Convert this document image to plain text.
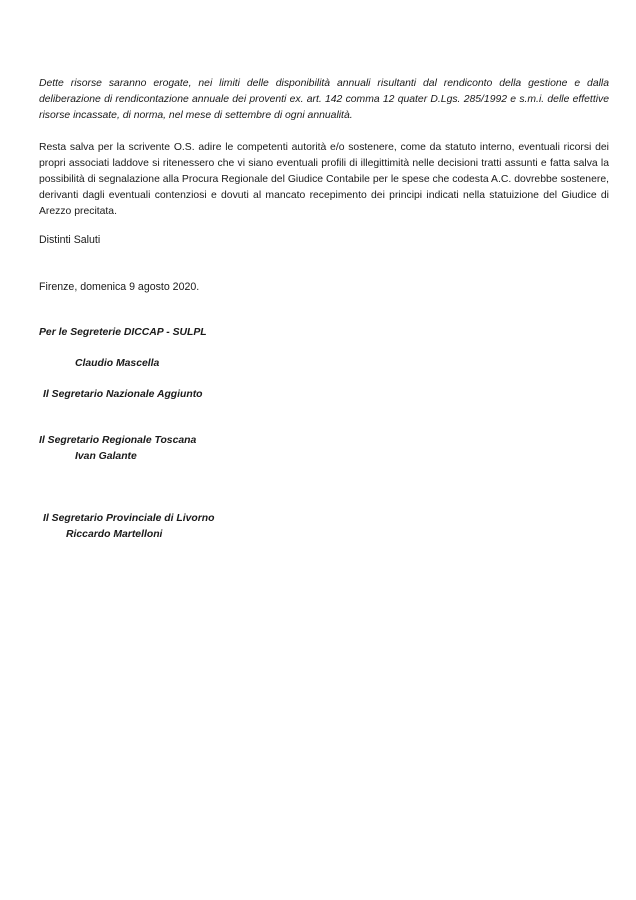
Dette risorse saranno erogate, nei limiti delle disponibilità annuali risultanti dal rendiconto della gestione e dalla deliberazione di rendicontazione annuale dei proventi ex. art. 142 comma 12 quater D.Lgs. 285/1992 e s.m.i. delle effettive risorse incassate, di norma, nel mese di settembre di ogni annualità.

Resta salva per la scrivente O.S. adire le competenti autorità e/o sostenere, come da statuto interno, eventuali ricorsi dei propri associati laddove si ritenessero che vi siano eventuali profili di illegittimità nelle decisioni tratti assunti e fatta salva la possibilità di segnalazione alla Procura Regionale del Giudice Contabile per le spese che codesta A.C. dovrebbe sostenere, derivanti dagli eventuali contenziosi e dovuti al mancato recepimento dei principi indicati nella statuizione del Giudice di Arezzo precitata.

Distinti Saluti

Firenze, domenica 9 agosto 2020.

Per le Segreterie DICCAP - SULPL

Claudio Mascella

Il Segretario Nazionale Aggiunto

Il Segretario Regionale Toscana

Ivan Galante

Il Segretario Provinciale di Livorno

Riccardo Martelloni
